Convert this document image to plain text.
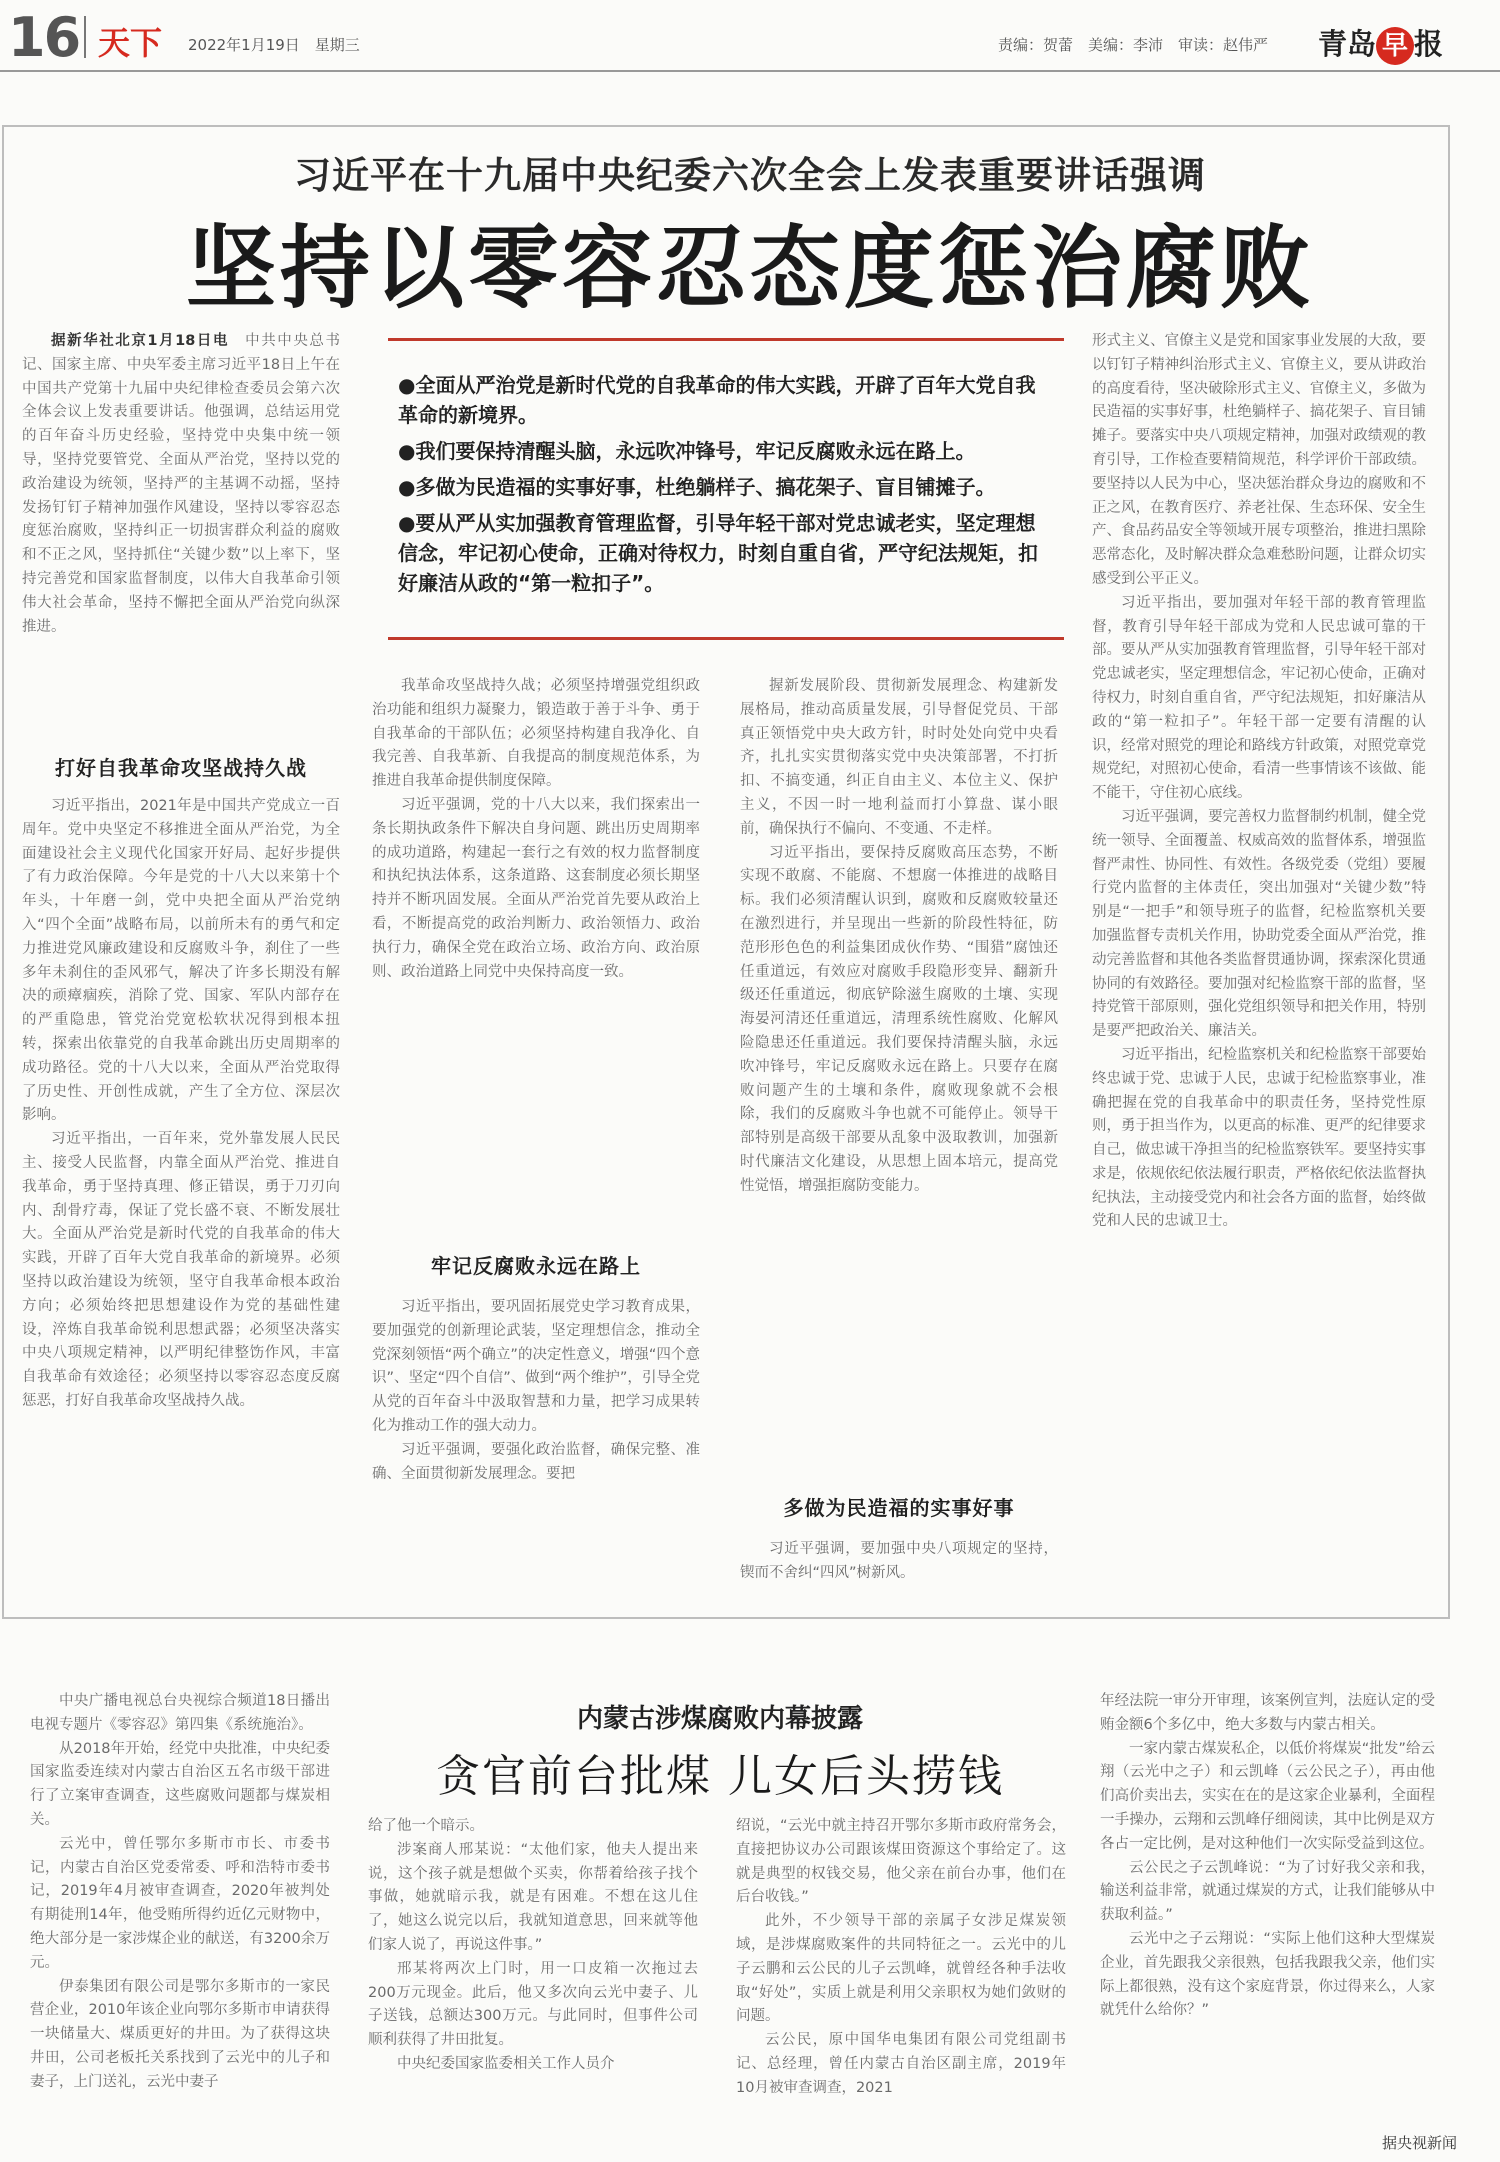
16 天下 2022年1月19日　星期三	责编：贺蕾　美编：李沛　审读：赵伟严 青岛 早 报
习近平在十九届中央纪委六次全会上发表重要讲话强调
坚持以零容忍态度惩治腐败

据新华社北京1月18日电　 中共中央总书记、国家主席、中央军委主席习近平18日上午在中国共产党第十九届中央纪律检查委员会第六次全体会议上发表重要讲话。他强调，总结运用党的百年奋斗历史经验，坚持党中央集中统一领导，坚持党要管党、全面从严治党，坚持以党的政治建设为统领，坚持严的主基调不动摇，坚持发扬钉钉子精神加强作风建设，坚持以零容忍态度惩治腐败，坚持纠正一切损害群众利益的腐败和不正之风，坚持抓住“关键少数”以上率下，坚持完善党和国家监督制度，以伟大自我革命引领伟大社会革命，坚持不懈把全面从严治党向纵深推进。

打好自我革命攻坚战持久战

习近平指出，2021年是中国共产党成立一百周年。党中央坚定不移推进全面从严治党，为全面建设社会主义现代化国家开好局、起好步提供了有力政治保障。今年是党的十八大以来第十个年头，十年磨一剑，党中央把全面从严治党纳入“四个全面”战略布局，以前所未有的勇气和定力推进党风廉政建设和反腐败斗争，刹住了一些多年未刹住的歪风邪气，解决了许多长期没有解决的顽瘴痼疾，消除了党、国家、军队内部存在的严重隐患，管党治党宽松软状况得到根本扭转，探索出依靠党的自我革命跳出历史周期率的成功路径。党的十八大以来，全面从严治党取得了历史性、开创性成就，产生了全方位、深层次影响。

习近平指出，一百年来，党外靠发展人民民主、接受人民监督，内靠全面从严治党、推进自我革命，勇于坚持真理、修正错误，勇于刀刃向内、刮骨疗毒，保证了党长盛不衰、不断发展壮大。全面从严治党是新时代党的自我革命的伟大实践，开辟了百年大党自我革命的新境界。必须坚持以政治建设为统领，坚守自我革命根本政治方向；必须始终把思想建设作为党的基础性建设，淬炼自我革命锐利思想武器；必须坚决落实中央八项规定精神，以严明纪律整饬作风，丰富自我革命有效途径；必须坚持以零容忍态度反腐惩恶，打好自我革命攻坚战持久战。

●全面从严治党是新时代党的自我革命的伟大实践，开辟了百年大党自我革命的新境界。
●我们要保持清醒头脑，永远吹冲锋号，牢记反腐败永远在路上。
●多做为民造福的实事好事，杜绝躺样子、搞花架子、盲目铺摊子。
●要从严从实加强教育管理监督，引导年轻干部对党忠诚老实，坚定理想信念，牢记初心使命，正确对待权力，时刻自重自省，严守纪法规矩，扣好廉洁从政的“第一粒扣子”。

我革命攻坚战持久战；必须坚持增强党组织政治功能和组织力凝聚力，锻造敢于善于斗争、勇于自我革命的干部队伍；必须坚持构建自我净化、自我完善、自我革新、自我提高的制度规范体系，为推进自我革命提供制度保障。

习近平强调，党的十八大以来，我们探索出一条长期执政条件下解决自身问题、跳出历史周期率的成功道路，构建起一套行之有效的权力监督制度和执纪执法体系，这条道路、这套制度必须长期坚持并不断巩固发展。全面从严治党首先要从政治上看，不断提高党的政治判断力、政治领悟力、政治执行力，确保全党在政治立场、政治方向、政治原则、政治道路上同党中央保持高度一致。

牢记反腐败永远在路上

习近平指出，要巩固拓展党史学习教育成果，要加强党的创新理论武装，坚定理想信念，推动全党深刻领悟“两个确立”的决定性意义，增强“四个意识”、坚定“四个自信”、做到“两个维护”，引导全党从党的百年奋斗中汲取智慧和力量，把学习成果转化为推动工作的强大动力。

习近平强调，要强化政治监督，确保完整、准确、全面贯彻新发展理念。要把

握新发展阶段、贯彻新发展理念、构建新发展格局，推动高质量发展，引导督促党员、干部真正领悟党中央大政方针，时时处处向党中央看齐，扎扎实实贯彻落实党中央决策部署，不打折扣、不搞变通，纠正自由主义、本位主义、保护主义，不因一时一地利益而打小算盘、谋小眼前，确保执行不偏向、不变通、不走样。

习近平指出，要保持反腐败高压态势，不断实现不敢腐、不能腐、不想腐一体推进的战略目标。我们必须清醒认识到，腐败和反腐败较量还在激烈进行，并呈现出一些新的阶段性特征，防范形形色色的利益集团成伙作势、“围猎”腐蚀还任重道远，有效应对腐败手段隐形变异、翻新升级还任重道远，彻底铲除滋生腐败的土壤、实现海晏河清还任重道远，清理系统性腐败、化解风险隐患还任重道远。我们要保持清醒头脑，永远吹冲锋号，牢记反腐败永远在路上。只要存在腐败问题产生的土壤和条件，腐败现象就不会根除，我们的反腐败斗争也就不可能停止。领导干部特别是高级干部要从乱象中汲取教训，加强新时代廉洁文化建设，从思想上固本培元，提高党性觉悟，增强拒腐防变能力。

多做为民造福的实事好事

习近平强调，要加强中央八项规定的坚持，锲而不舍纠“四风”树新风。

形式主义、官僚主义是党和国家事业发展的大敌，要以钉钉子精神纠治形式主义、官僚主义，要从讲政治的高度看待，坚决破除形式主义、官僚主义，多做为民造福的实事好事，杜绝躺样子、搞花架子、盲目铺摊子。要落实中央八项规定精神，加强对政绩观的教育引导，工作检查要精简规范，科学评价干部政绩。要坚持以人民为中心，坚决惩治群众身边的腐败和不正之风，在教育医疗、养老社保、生态环保、安全生产、食品药品安全等领域开展专项整治，推进扫黑除恶常态化，及时解决群众急难愁盼问题，让群众切实感受到公平正义。

习近平指出，要加强对年轻干部的教育管理监督，教育引导年轻干部成为党和人民忠诚可靠的干部。要从严从实加强教育管理监督，引导年轻干部对党忠诚老实，坚定理想信念，牢记初心使命，正确对待权力，时刻自重自省，严守纪法规矩，扣好廉洁从政的“第一粒扣子”。年轻干部一定要有清醒的认识，经常对照党的理论和路线方针政策，对照党章党规党纪，对照初心使命，看清一些事情该不该做、能不能干，守住初心底线。

习近平强调，要完善权力监督制约机制，健全党统一领导、全面覆盖、权威高效的监督体系，增强监督严肃性、协同性、有效性。各级党委（党组）要履行党内监督的主体责任，突出加强对“关键少数”特别是“一把手”和领导班子的监督，纪检监察机关要加强监督专责机关作用，协助党委全面从严治党，推动完善监督和其他各类监督贯通协调，探索深化贯通协同的有效路径。要加强对纪检监察干部的监督，坚持党管干部原则，强化党组织领导和把关作用，特别是要严把政治关、廉洁关。

习近平指出，纪检监察机关和纪检监察干部要始终忠诚于党、忠诚于人民，忠诚于纪检监察事业，准确把握在党的自我革命中的职责任务，坚持党性原则，勇于担当作为，以更高的标准、更严的纪律要求自己，做忠诚干净担当的纪检监察铁军。要坚持实事求是，依规依纪依法履行职责，严格依纪依法监督执纪执法，主动接受党内和社会各方面的监督，始终做党和人民的忠诚卫士。

内蒙古涉煤腐败内幕披露
贪官前台批煤 儿女后头捞钱

中央广播电视总台央视综合频道18日播出电视专题片《零容忍》第四集《系统施治》。

从2018年开始，经党中央批准，中央纪委国家监委连续对内蒙古自治区五名市级干部进行了立案审查调查，这些腐败问题都与煤炭相关。

云光中，曾任鄂尔多斯市市长、市委书记，内蒙古自治区党委常委、呼和浩特市委书记，2019年4月被审查调查，2020年被判处有期徒刑14年，他受贿所得约近亿元财物中，绝大部分是一家涉煤企业的献送，有3200余万元。

伊泰集团有限公司是鄂尔多斯市的一家民营企业，2010年该企业向鄂尔多斯市申请获得一块储量大、煤质更好的井田。为了获得这块井田，公司老板托关系找到了云光中的儿子和妻子，上门送礼，云光中妻子

给了他一个暗示。

涉案商人邢某说：“太他们家，他夫人提出来说，这个孩子就是想做个买卖，你帮着给孩子找个事做，她就暗示我，就是有困难。不想在这儿住了，她这么说完以后，我就知道意思，回来就等他们家人说了，再说这件事。”

邢某将两次上门时，用一口皮箱一次拖过去200万元现金。此后，他又多次向云光中妻子、儿子送钱，总额达300万元。与此同时，但事件公司顺利获得了井田批复。

中央纪委国家监委相关工作人员介

绍说，“云光中就主持召开鄂尔多斯市政府常务会，直接把协议办公司跟该煤田资源这个事给定了。这就是典型的权钱交易，他父亲在前台办事，他们在后台收钱。”

此外，不少领导干部的亲属子女涉足煤炭领域，是涉煤腐败案件的共同特征之一。云光中的儿子云鹏和云公民的儿子云凯峰，就曾经各种手法收取“好处”，实质上就是利用父亲职权为她们敛财的问题。

云公民，原中国华电集团有限公司党组副书记、总经理，曾任内蒙古自治区副主席，2019年10月被审查调查，2021

年经法院一审分开审理，该案例宣判，法庭认定的受贿金额6个多亿中，绝大多数与内蒙古相关。

一家内蒙古煤炭私企，以低价将煤炭“批发”给云翔（云光中之子）和云凯峰（云公民之子），再由他们高价卖出去，实实在在的是这家企业暴利，全面程一手操办，云翔和云凯峰仔细阅读，其中比例是双方各占一定比例，是对这种他们一次实际受益到这位。

云公民之子云凯峰说：“为了讨好我父亲和我，输送利益非常，就通过煤炭的方式，让我们能够从中获取利益。”

云光中之子云翔说：“实际上他们这种大型煤炭企业，首先跟我父亲很熟，包括我跟我父亲，他们实际上都很熟，没有这个家庭背景，你过得来么，人家就凭什么给你？”

据央视新闻
